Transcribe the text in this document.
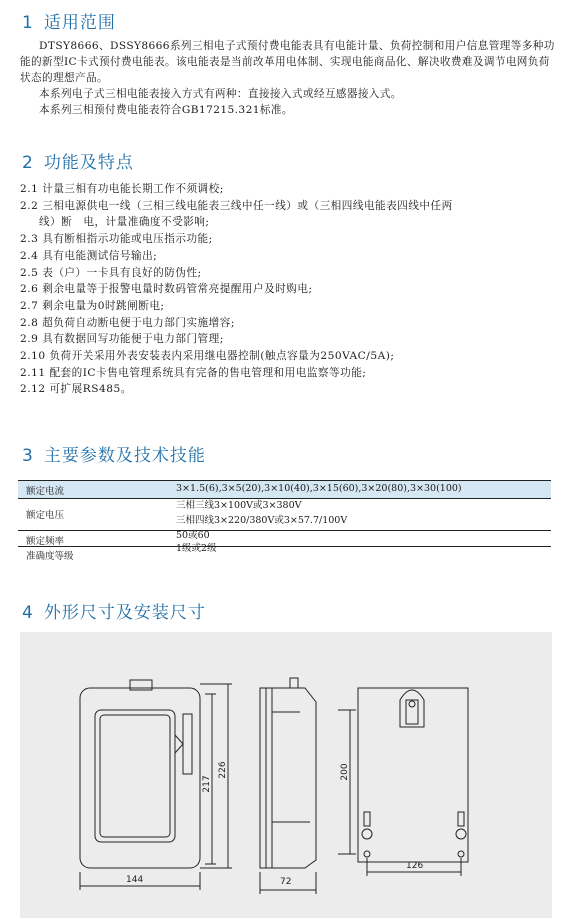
1 适用范围

DTSY8666、DSSY8666系列三相电子式预付费电能表具有电能计量、负荷控制和用户信息管理等多种功能的新型IC卡式预付费电能表。该电能表是当前改革用电体制、实现电能商品化、解决收费难及调节电网负荷状态的理想产品。

本系列电子式三相电能表接入方式有两种：直接接入式或经互感器接入式。

本系列三相预付费电能表符合GB17215.321标准。

2 功能及特点
2.1 计量三相有功电能长期工作不须调校;
2.2 三相电源供电一线（三相三线电能表三线中任一线）或（三相四线电能表四线中任两
线）断　电，计量准确度不受影响;
2.3 具有断相指示功能或电压指示功能;
2.4 具有电能测试信号输出;
2.5 表（户）一卡具有良好的防伪性;
2.6 剩余电量等于报警电量时数码管常亮提醒用户及时购电;
2.7 剩余电量为0时跳闸断电;
2.8 超负荷自动断电便于电力部门实施增容;
2.9 具有数据回写功能便于电力部门管理;
2.10 负荷开关采用外表安装表内采用继电器控制(触点容量为250VAC/5A);
2.11 配套的IC卡售电管理系统具有完备的售电管理和用电监察等功能;
2.12 可扩展RS485。
3 主要参数及技术技能
额定电流	3×1.5(6),3×5(20),3×10(40),3×15(60),3×20(80),3×30(100)
额定电压
三相三线3×100V或3×380V
三相四线3×220/380V或3×57.7/100V
额定频率
50或60
准确度等级
1级或2级
4 外形尺寸及安装尺寸
144
217
226
72
200
126
